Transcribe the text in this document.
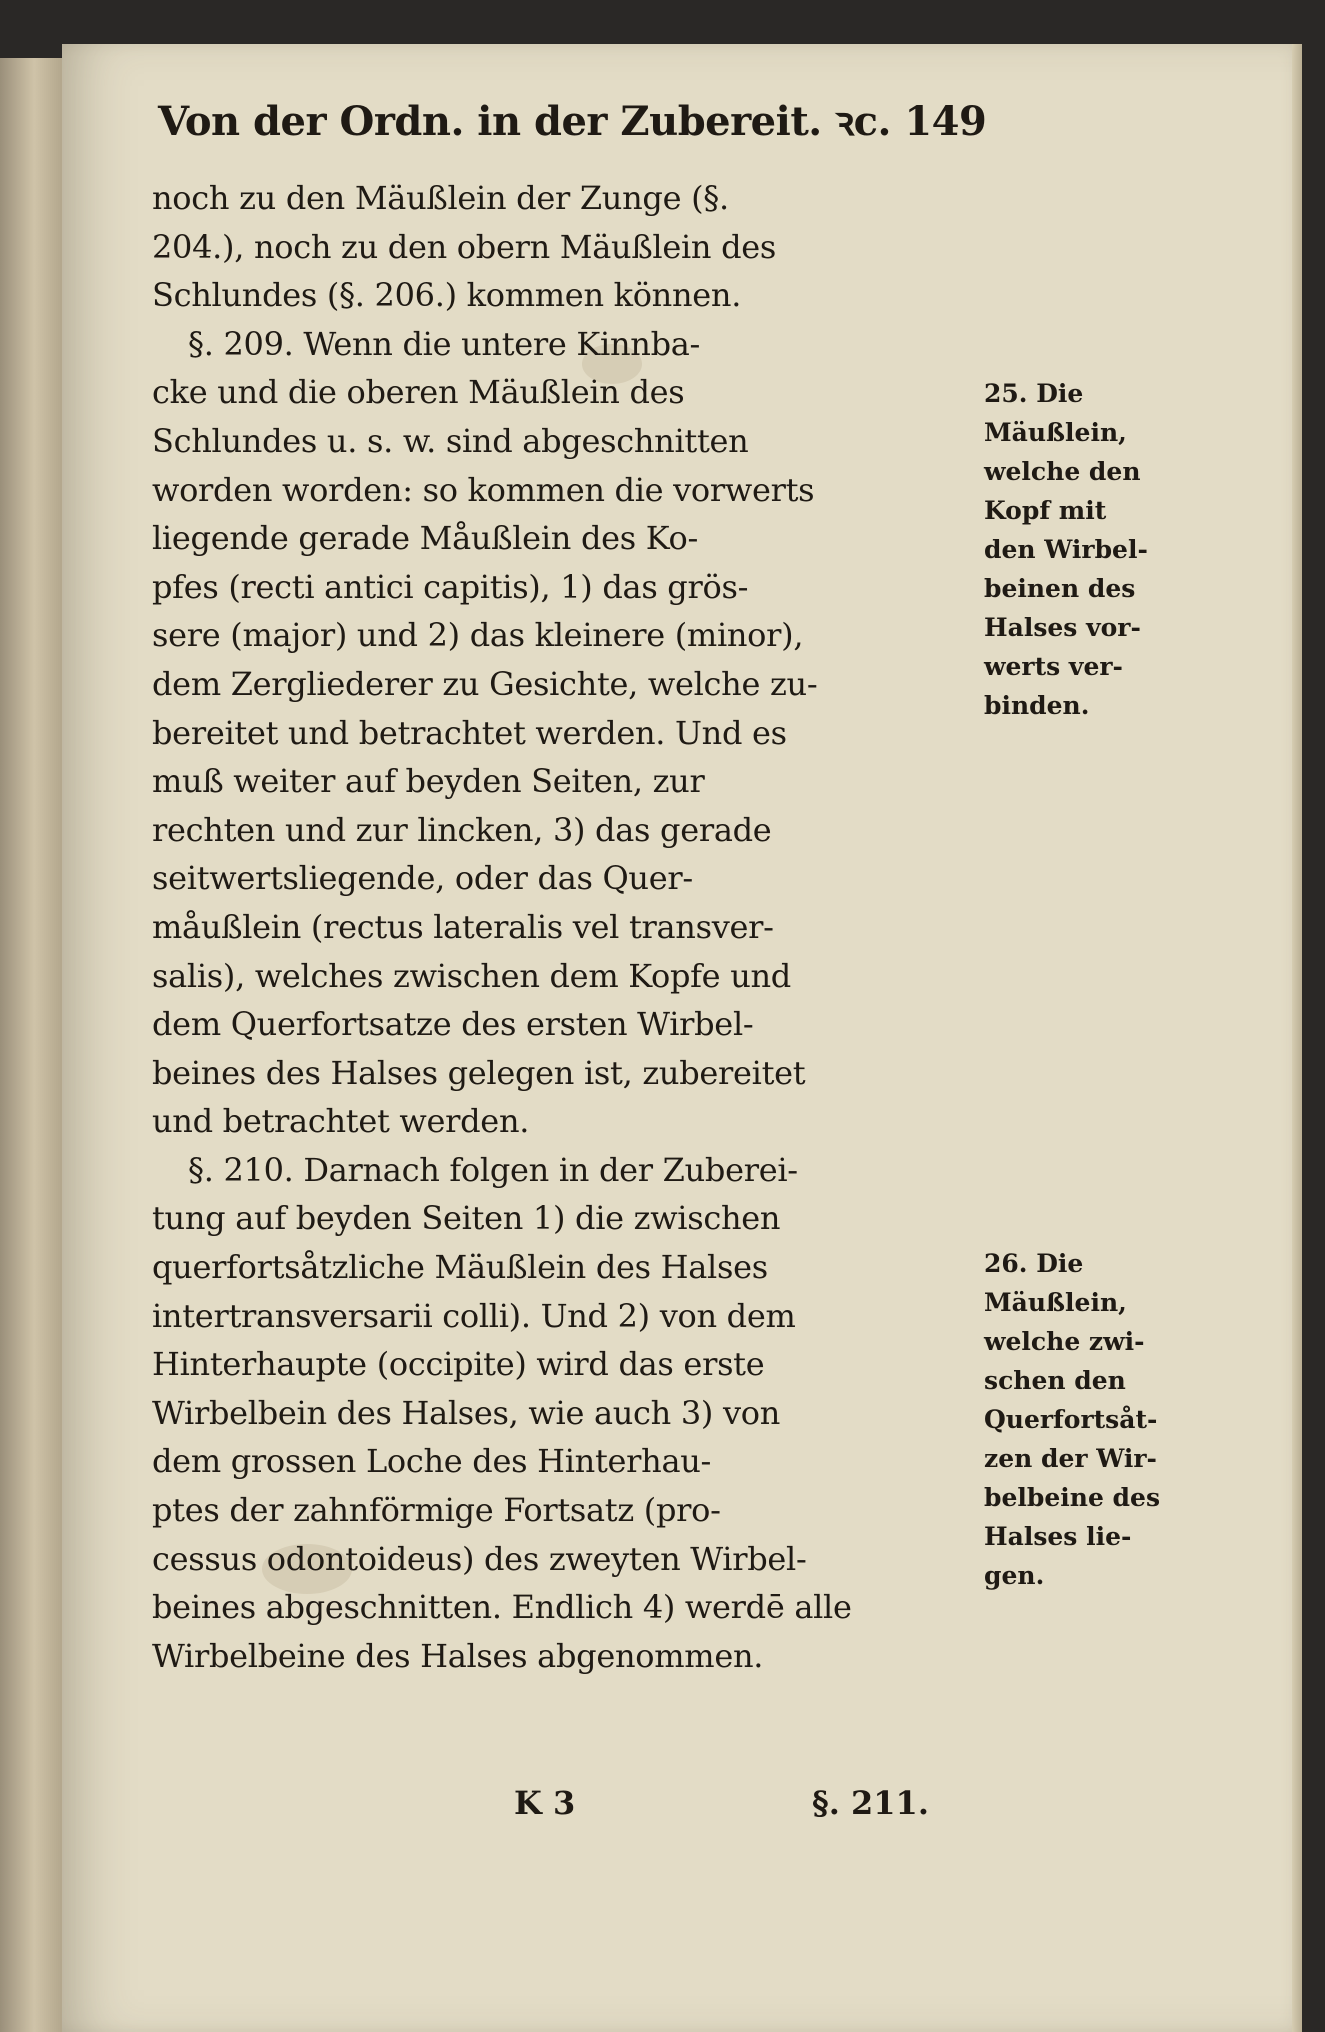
Von der Ordn. in der Zubereit. ꝛc. 149
noch zu den Mäußlein der Zunge (§.
204.), noch zu den obern Mäußlein des
Schlundes (§. 206.) kommen können.
§. 209. Wenn die untere Kinnba-
cke und die oberen Mäußlein des
Schlundes u. s. w. sind abgeschnitten
worden worden: so kommen die vorwerts
liegende gerade Måußlein des Ko-
pfes (recti antici capitis), 1) das grös-
sere (major) und 2) das kleinere (minor),
dem Zergliederer zu Gesichte, welche zu-
bereitet und betrachtet werden. Und es
muß weiter auf beyden Seiten, zur
rechten und zur lincken, 3) das gerade
seitwertsliegende, oder das Quer-
måußlein (rectus lateralis vel transver-
salis), welches zwischen dem Kopfe und
dem Querfortsatze des ersten Wirbel-
beines des Halses gelegen ist, zubereitet
und betrachtet werden.
§. 210. Darnach folgen in der Zuberei-
tung auf beyden Seiten 1) die zwischen
querfortsåtzliche Mäußlein des Halses
intertransversarii colli). Und 2) von dem
Hinterhaupte (occipite) wird das erste
Wirbelbein des Halses, wie auch 3) von
dem grossen Loche des Hinterhau-
ptes der zahnförmige Fortsatz (pro-
cessus odontoideus) des zweyten Wirbel-
beines abgeschnitten. Endlich 4) werdē alle
Wirbelbeine des Halses abgenommen.
25. Die
Mäußlein,
welche den
Kopf mit
den Wirbel-
beinen des
Halses vor-
werts ver-
binden.
26. Die
Mäußlein,
welche zwi-
schen den
Querfortsåt-
zen der Wir-
belbeine des
Halses lie-
gen.
K 3	§. 211.
